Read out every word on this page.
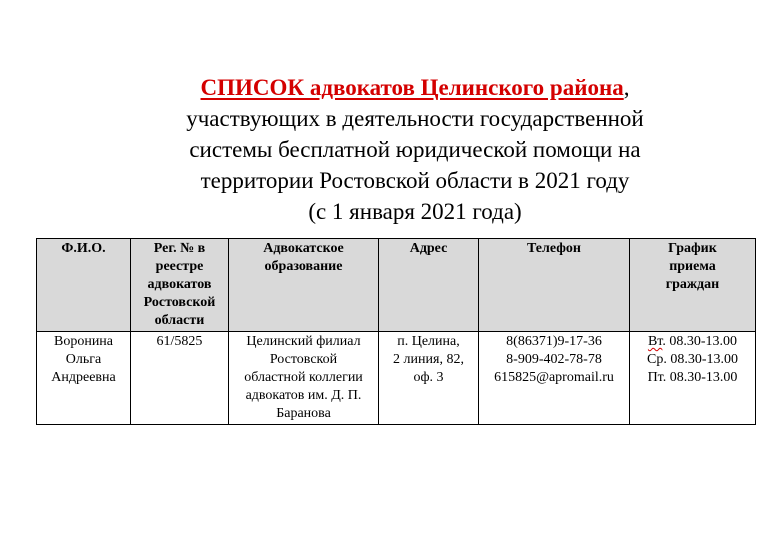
СПИСОК адвокатов Целинского района,
участвующих в деятельности государственной
системы бесплатной юридической помощи на
территории Ростовской области в 2021 году
(с 1 января 2021 года)
Ф.И.О.	Рег. № в
реестре
адвокатов
Ростовской
области	Адвокатское
образование	Адрес	Телефон	График
приема
граждан

Воронина
Ольга
Андреевна	61/5825	Целинский филиал
Ростовской
областной коллегии
адвокатов им. Д. П.
Баранова	п. Целина,
2 линия, 82,
оф. 3	8(86371)9-17-36
8-909-402-78-78
615825@apromail.ru	Вт. 08.30-13.00
Ср. 08.30-13.00
Пт. 08.30-13.00
